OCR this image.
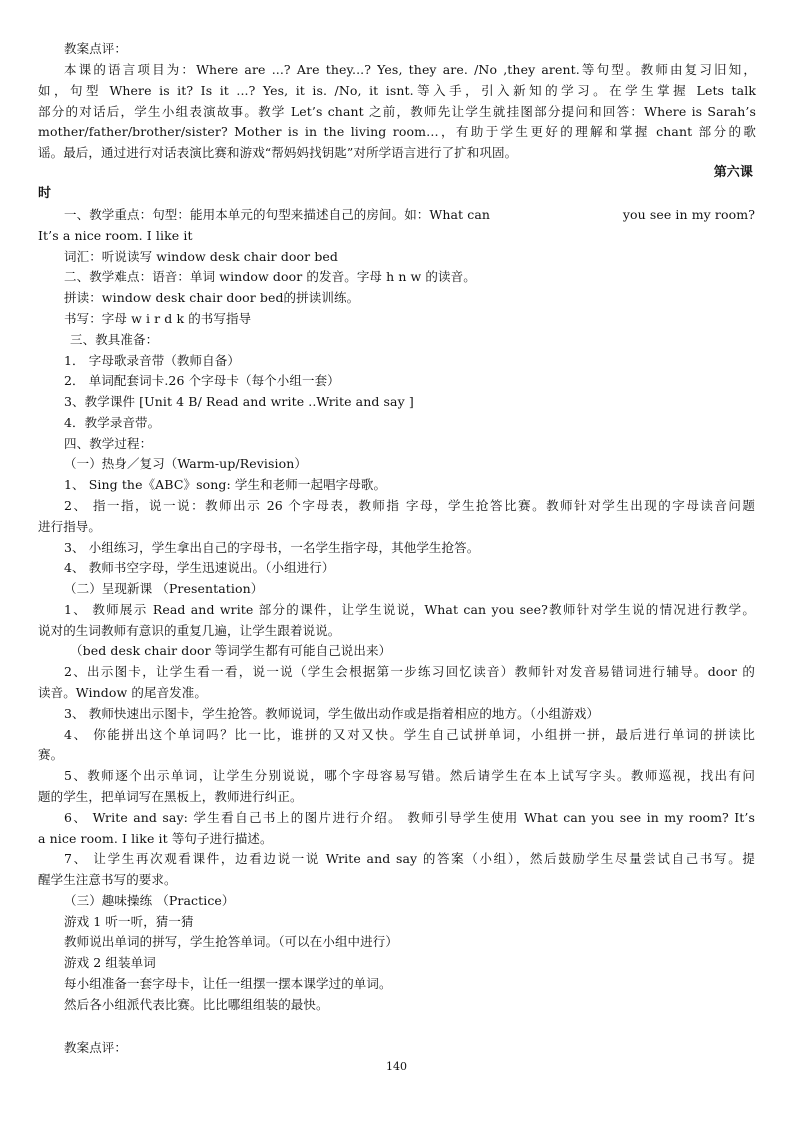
教案点评：
本课的语言项目为：Where are ...? Are they...? Yes, they are. /No ,they arent.等句型。教师由复习旧知，
如，句型 Where is it? Is it ...? Yes, it is. /No, it isnt.等入手，引入新知的学习。在学生掌握 Lets talk
部分的对话后，学生小组表演故事。教学 Let’s chant 之前，教师先让学生就挂图部分提问和回答：Where is Sarah’s
mother/father/brother/sister? Mother is in the living room…，有助于学生更好的理解和掌握 chant 部分的歌
谣。最后，通过进行对话表演比赛和游戏“帮妈妈找钥匙”对所学语言进行了扩和巩固。
第六课
时
一、教学重点：句型：能用本单元的句型来描述自己的房间。如：What can	you see in my room?
It’s a nice room. I like it
词汇：听说读写 window desk chair door bed
二、教学难点：语音：单词 window door 的发音。字母 h n w 的读音。
拼读：window desk chair door bed的拼读训练。
书写：字母 w i r d k 的书写指导
三、教具准备：
1． 字母歌录音带（教师自备）
2． 单词配套词卡.26 个字母卡（每个小组一套）
3、教学课件 [Unit 4 B/ Read and write ..Write and say ]
4．教学录音带。
四、教学过程：
（一）热身／复习（Warm-up/Revision）
1、 Sing the《ABC》song: 学生和老师一起唱字母歌。
2、 指一指，说一说：教师出示 26 个字母表，教师指 字母，学生抢答比赛。教师针对学生出现的字母读音问题
进行指导。
3、 小组练习，学生拿出自己的字母书，一名学生指字母，其他学生抢答。
4、 教师书空字母，学生迅速说出。（小组进行）
（二）呈现新课 （Presentation）
1、 教师展示 Read and write 部分的课件，让学生说说，What can you see?教师针对学生说的情况进行教学。
说对的生词教师有意识的重复几遍，让学生跟着说说。
（bed desk chair door 等词学生都有可能自己说出来）
2、出示图卡，让学生看一看，说一说（学生会根据第一步练习回忆读音）教师针对发音易错词进行辅导。door 的
读音。Window 的尾音发准。
3、 教师快速出示图卡，学生抢答。教师说词，学生做出动作或是指着相应的地方。（小组游戏）
4、 你能拼出这个单词吗？比一比，谁拼的又对又快。学生自己试拼单词，小组拼一拼，最后进行单词的拼读比
赛。
5、教师逐个出示单词，让学生分别说说，哪个字母容易写错。然后请学生在本上试写字头。教师巡视，找出有问
题的学生，把单词写在黑板上，教师进行纠正。
6、 Write and say: 学生看自己书上的图片进行介绍。 教师引导学生使用 What can you see in my room? It’s
a nice room. I like it 等句子进行描述。
7、 让学生再次观看课件，边看边说一说 Write and say 的答案（小组），然后鼓励学生尽量尝试自己书写。提
醒学生注意书写的要求。
（三）趣味操练 （Practice）
游戏 1 听一听，猜一猜
教师说出单词的拼写，学生抢答单词。（可以在小组中进行）
游戏 2 组装单词
每小组准备一套字母卡，让任一组摆一摆本课学过的单词。
然后各小组派代表比赛。比比哪组组装的最快。
教案点评：
140
